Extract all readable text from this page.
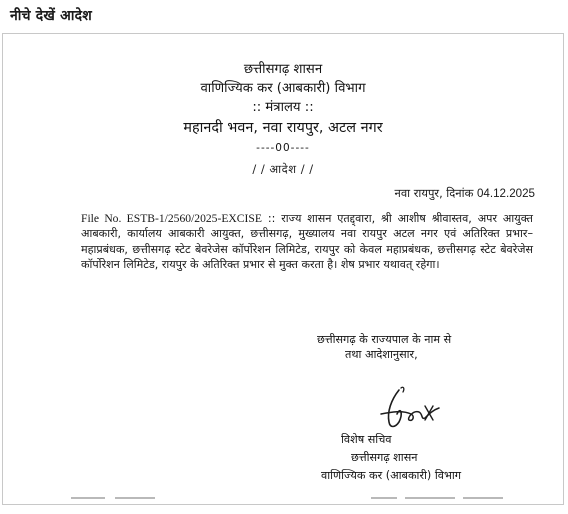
नीचे देखें आदेश
छत्तीसगढ़ शासन
वाणिज्यिक कर (आबकारी) विभाग
:: मंत्रालय ::
महानदी भवन, नवा रायपुर, अटल नगर
----00----
/ / आदेश / /
नवा रायपुर, दिनांक 04.12.2025
File No. ESTB-1/2560/2025-EXCISE :: राज्य शासन एतद्द्वारा, श्री आशीष श्रीवास्तव, अपर आयुक्त आबकारी, कार्यालय आबकारी आयुक्त, छत्तीसगढ़, मुख्यालय नवा रायपुर अटल नगर एवं अतिरिक्त प्रभार–महाप्रबंधक, छत्तीसगढ़ स्टेट बेवरेजेस कॉर्पोरेशन लिमिटेड, रायपुर को केवल महाप्रबंधक, छत्तीसगढ़ स्टेट बेवरेजेस कॉर्पोरेशन लिमिटेड, रायपुर के अतिरिक्त प्रभार से मुक्त करता है। शेष प्रभार यथावत् रहेगा।
छत्तीसगढ़ के राज्यपाल के नाम से
तथा आदेशानुसार,
विशेष सचिव
छत्तीसगढ़ शासन
वाणिज्यिक कर (आबकारी) विभाग
